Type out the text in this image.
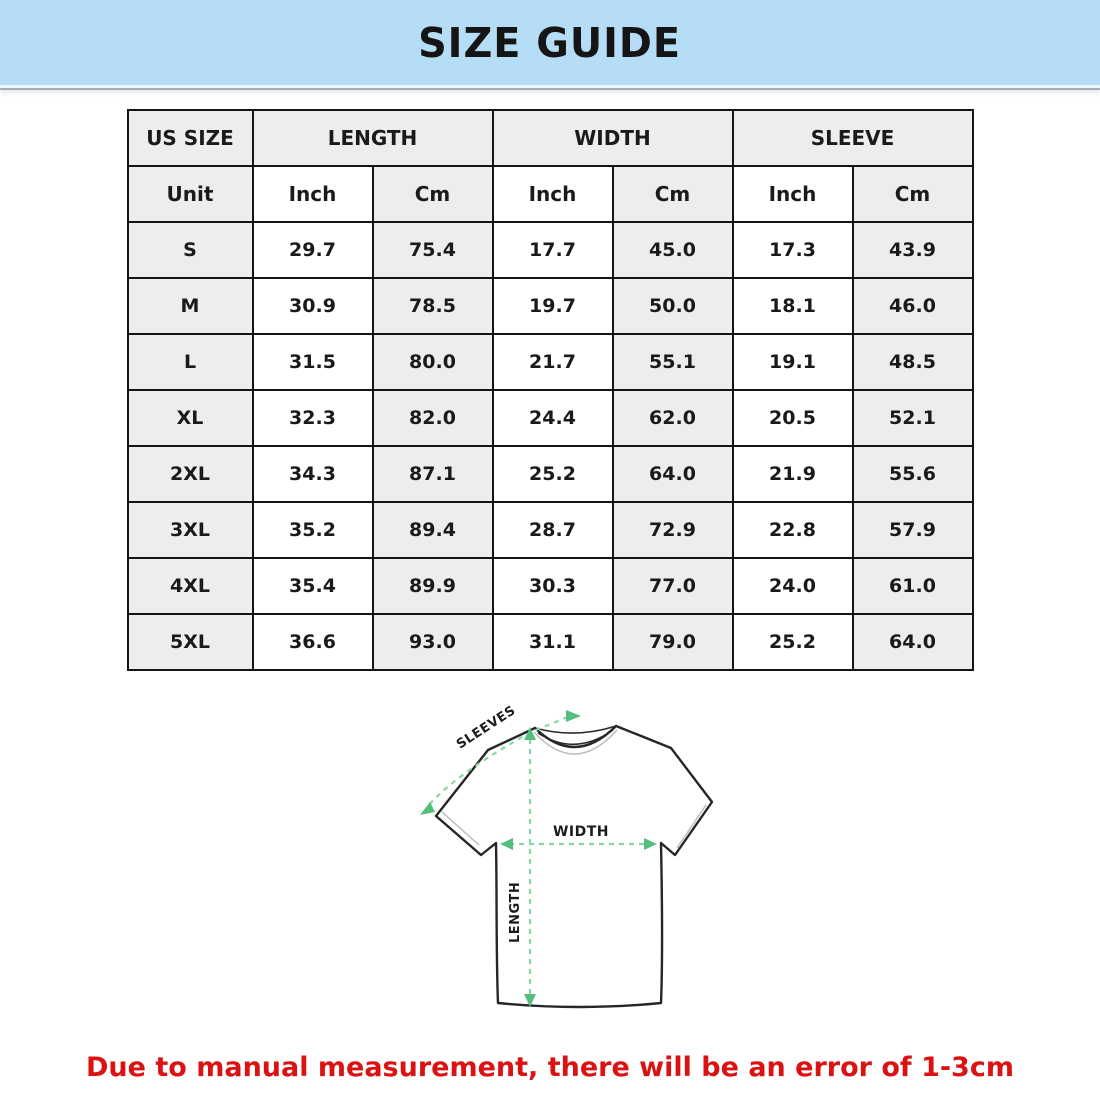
SIZE GUIDE
US SIZE	LENGTH		WIDTH		SLEEVE	
Unit	Inch	Cm	Inch	Cm	Inch	Cm
S	29.7	75.4	17.7	45.0	17.3	43.9
M	30.9	78.5	19.7	50.0	18.1	46.0
L	31.5	80.0	21.7	55.1	19.1	48.5
XL	32.3	82.0	24.4	62.0	20.5	52.1
2XL	34.3	87.1	25.2	64.0	21.9	55.6
3XL	35.2	89.4	28.7	72.9	22.8	57.9
4XL	35.4	89.9	30.3	77.0	24.0	61.0
5XL	36.6	93.0	31.1	79.0	25.2	64.0
SLEEVES
LENGTH
WIDTH
Due to manual measurement, there will be an error of 1-3cm
